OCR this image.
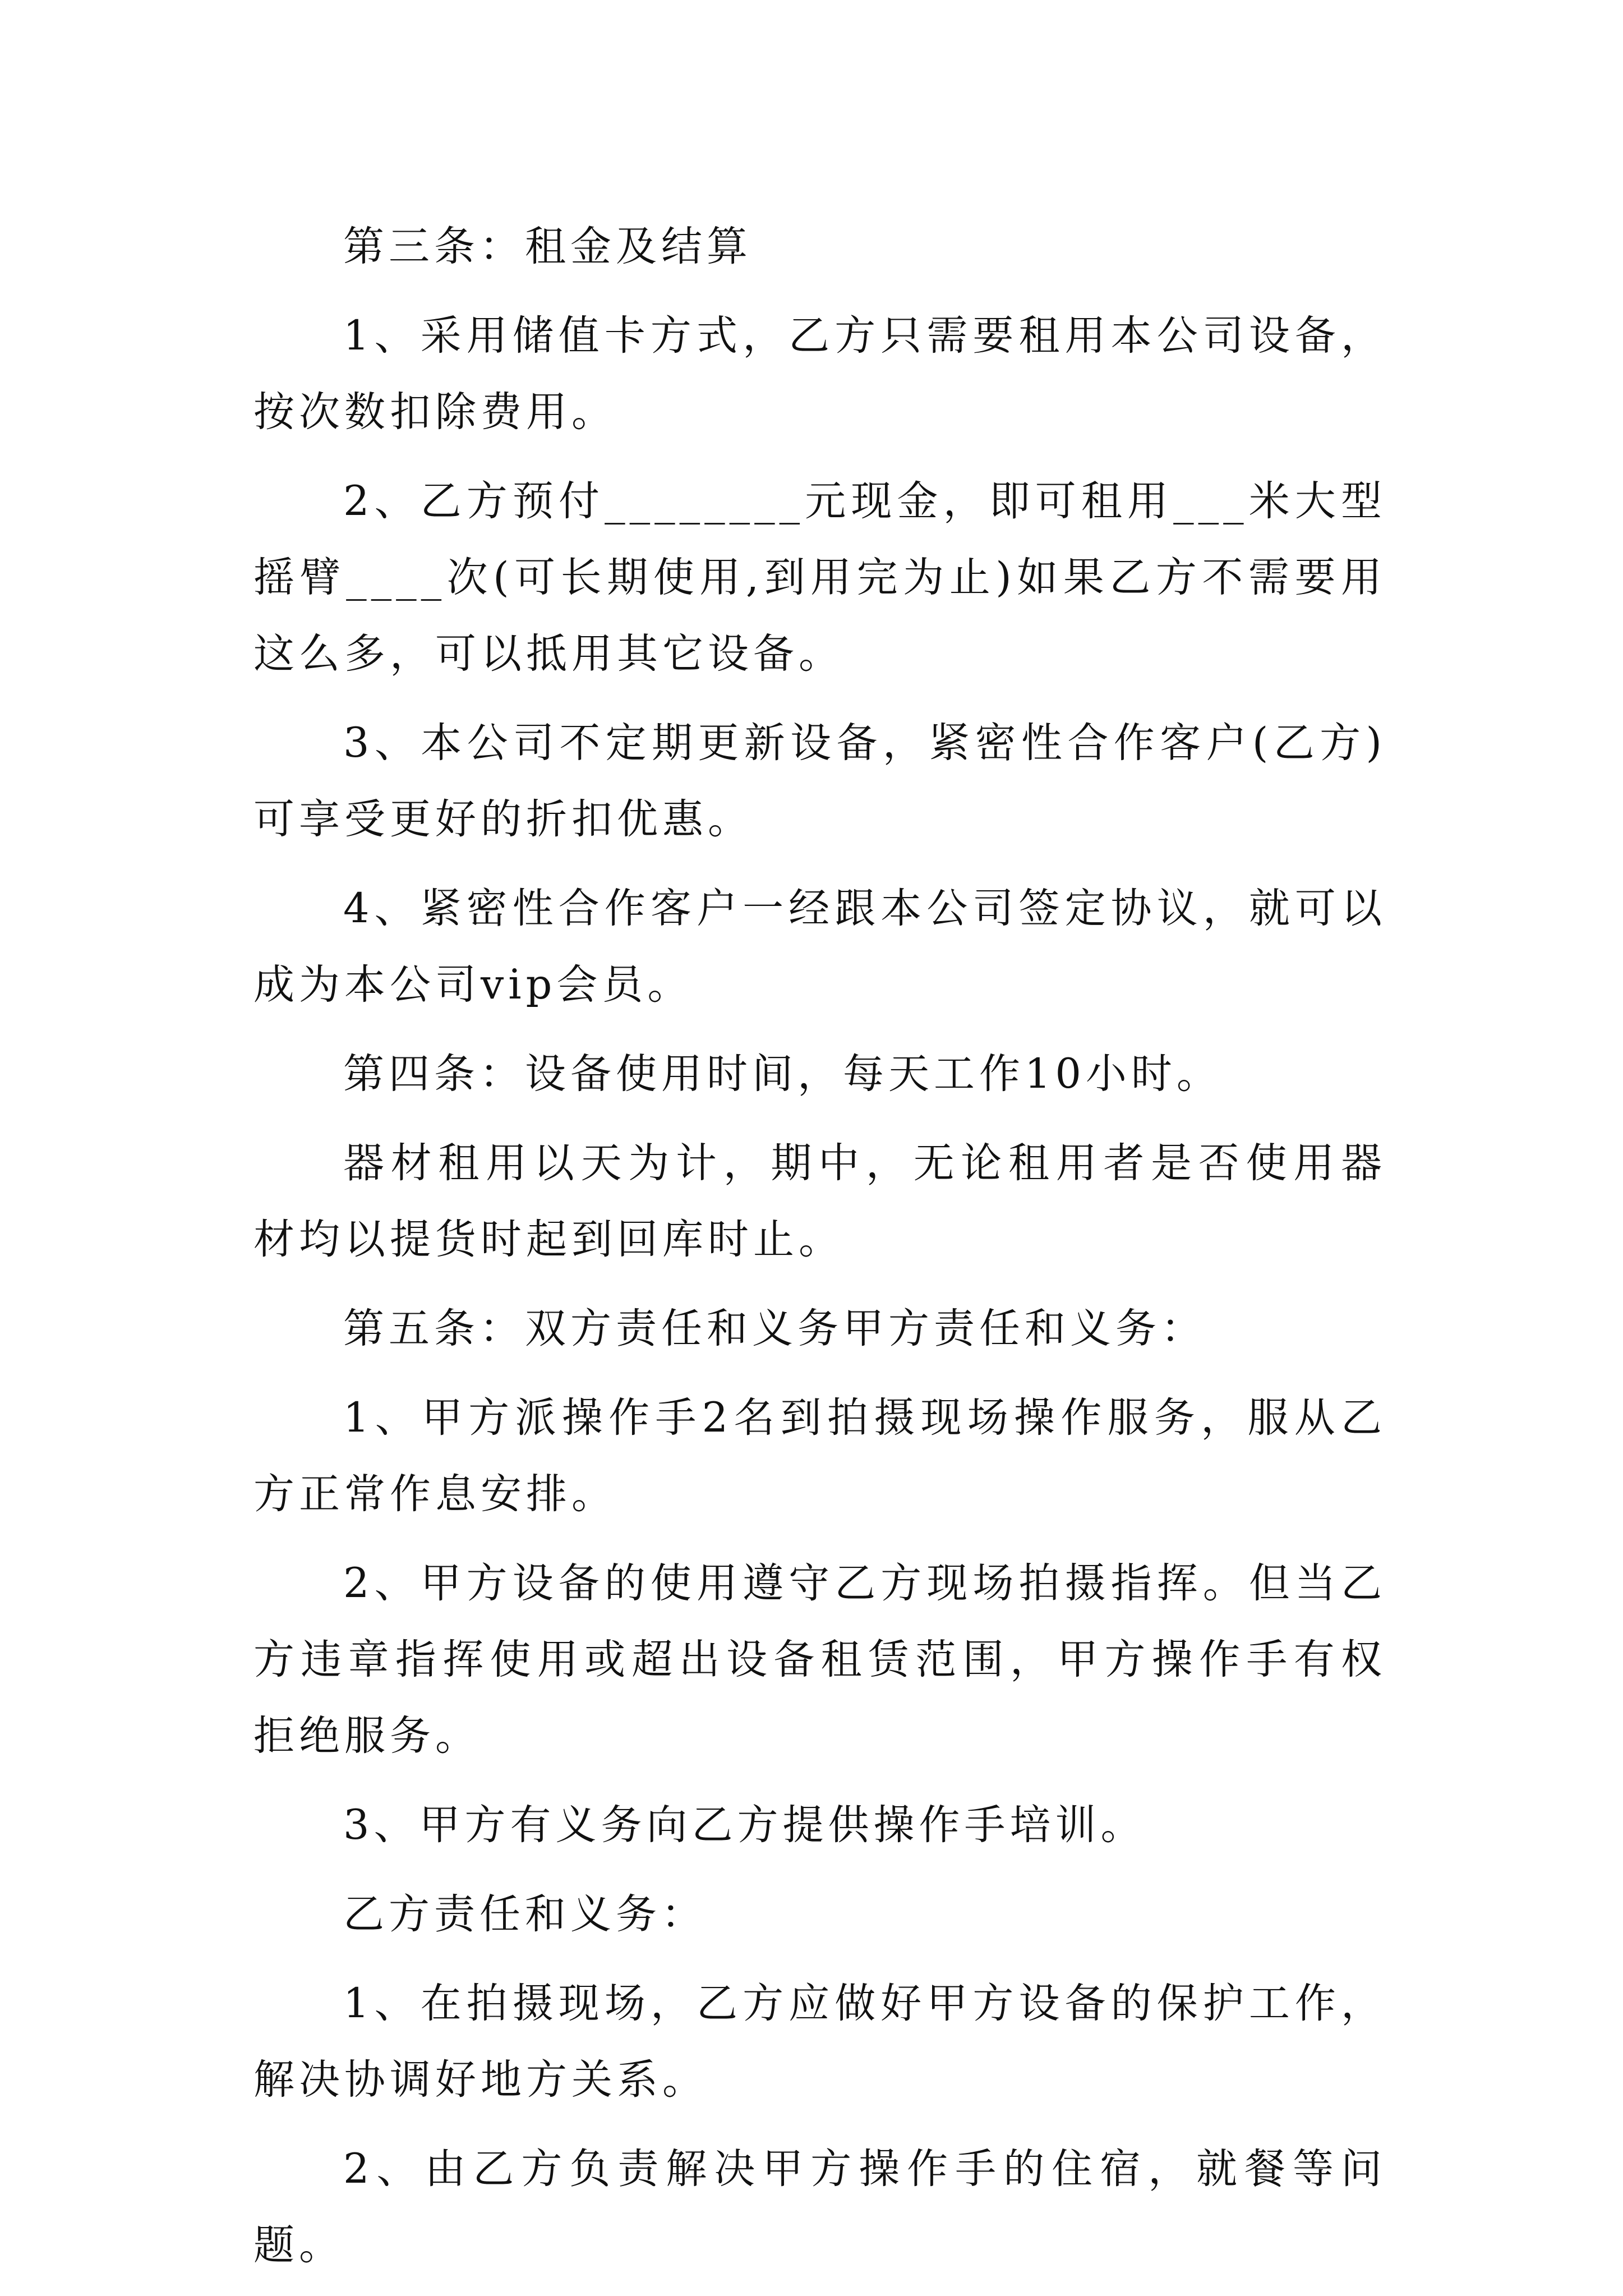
第三条：租金及结算

1、采用储值卡方式，乙方只需要租用本公司设备，按次数扣除费用。

2、乙方预付________元现金，即可租用___米大型摇臂____次(可长期使用,到用完为止)如果乙方不需要用这么多，可以抵用其它设备。

3、本公司不定期更新设备，紧密性合作客户(乙方)可享受更好的折扣优惠。

4、紧密性合作客户一经跟本公司签定协议，就可以成为本公司vip会员。

第四条：设备使用时间，每天工作10小时。

器材租用以天为计，期中，无论租用者是否使用器材均以提货时起到回库时止。

第五条：双方责任和义务甲方责任和义务：

1、甲方派操作手2名到拍摄现场操作服务，服从乙方正常作息安排。

2、甲方设备的使用遵守乙方现场拍摄指挥。但当乙方违章指挥使用或超出设备租赁范围，甲方操作手有权拒绝服务。

3、甲方有义务向乙方提供操作手培训。

乙方责任和义务：

1、在拍摄现场，乙方应做好甲方设备的保护工作，解决协调好地方关系。

2、由乙方负责解决甲方操作手的住宿，就餐等问题。
